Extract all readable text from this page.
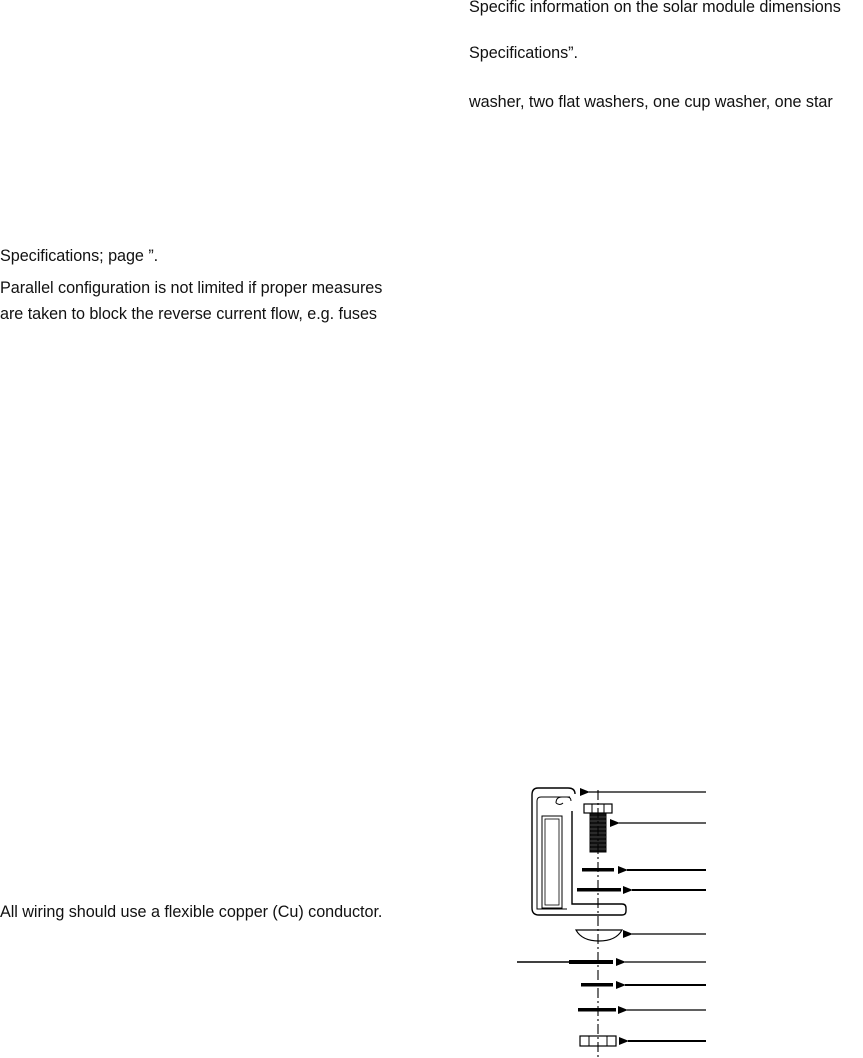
Specific information on the solar module dimensions
Specifications”.
washer, two flat washers, one cup washer, one star
Specifications; page ”.
Parallel configuration is not limited if proper measures
are taken to block the reverse current flow, e.g. fuses
All wiring should use a flexible copper (Cu) conductor.
